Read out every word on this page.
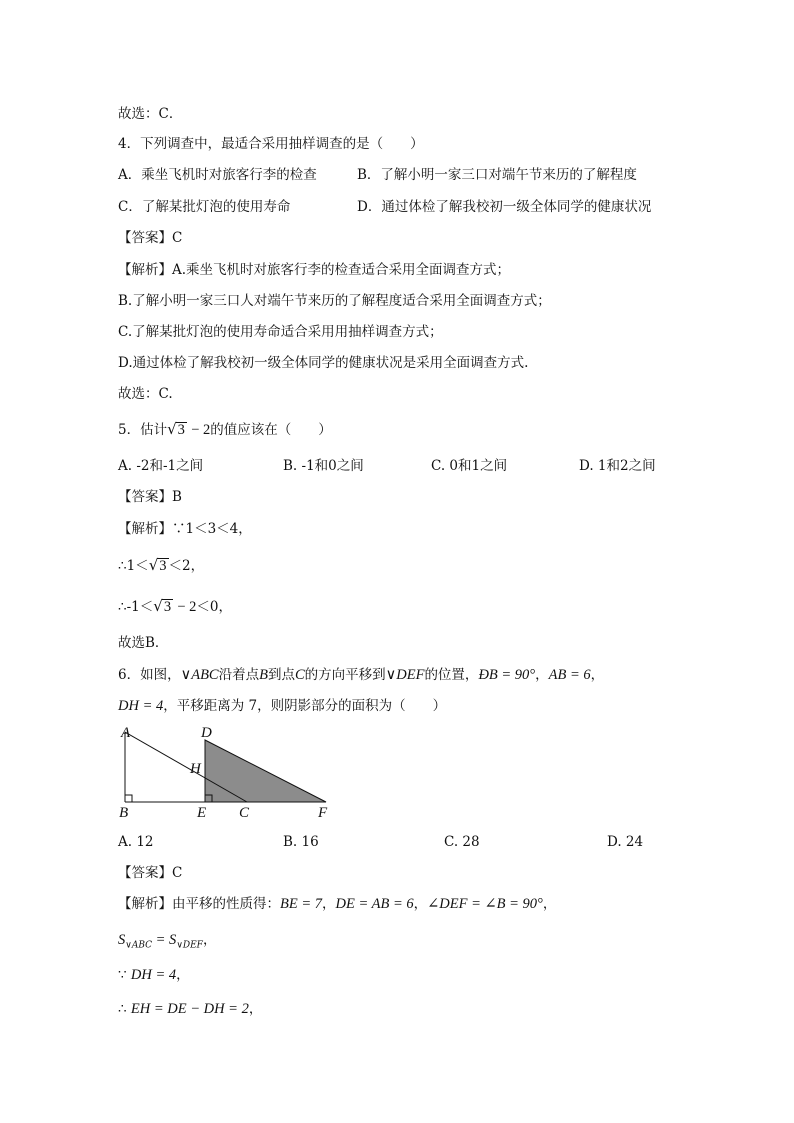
故选：C．
4．下列调查中，最适合采用抽样调查的是（　　）
A．乘坐飞机时对旅客行李的检查	B．了解小明一家三口对端午节来历的了解程度
C．了解某批灯泡的使用寿命	D．通过体检了解我校初一级全体同学的健康状况
【答案】C
【解析】A.乘坐飞机时对旅客行李的检查适合采用全面调查方式；
B.了解小明一家三口人对端午节来历的了解程度适合采用全面调查方式；
C.了解某批灯泡的使用寿命适合采用用抽样调查方式；
D.通过体检了解我校初一级全体同学的健康状况是采用全面调查方式.
故选：C.
5．估计√3 − 2的值应该在（　　）
A. -2和-1之间	B. -1和0之间	C. 0和1之间	D. 1和2之间
【答案】B
【解析】∵1＜3＜4，
∴1＜√3 ＜2，
∴-1＜√3 − 2＜0，
故选B．
6．如图，∨ABC沿着点B到点C的方向平移到∨DEF的位置，ÐB = 90°，AB = 6，
DH = 4，平移距离为 7，则阴影部分的面积为（　　）
A	D
H
B	E C	F
A. 12	B. 16	C. 28	D. 24
【答案】C
【解析】由平移的性质得：BE = 7，DE = AB = 6，∠DEF = ∠B = 90°，
$S_{\vee ABC} = S_{\vee DEF}$，
∵ DH = 4，
∴ EH = DE − DH = 2，
